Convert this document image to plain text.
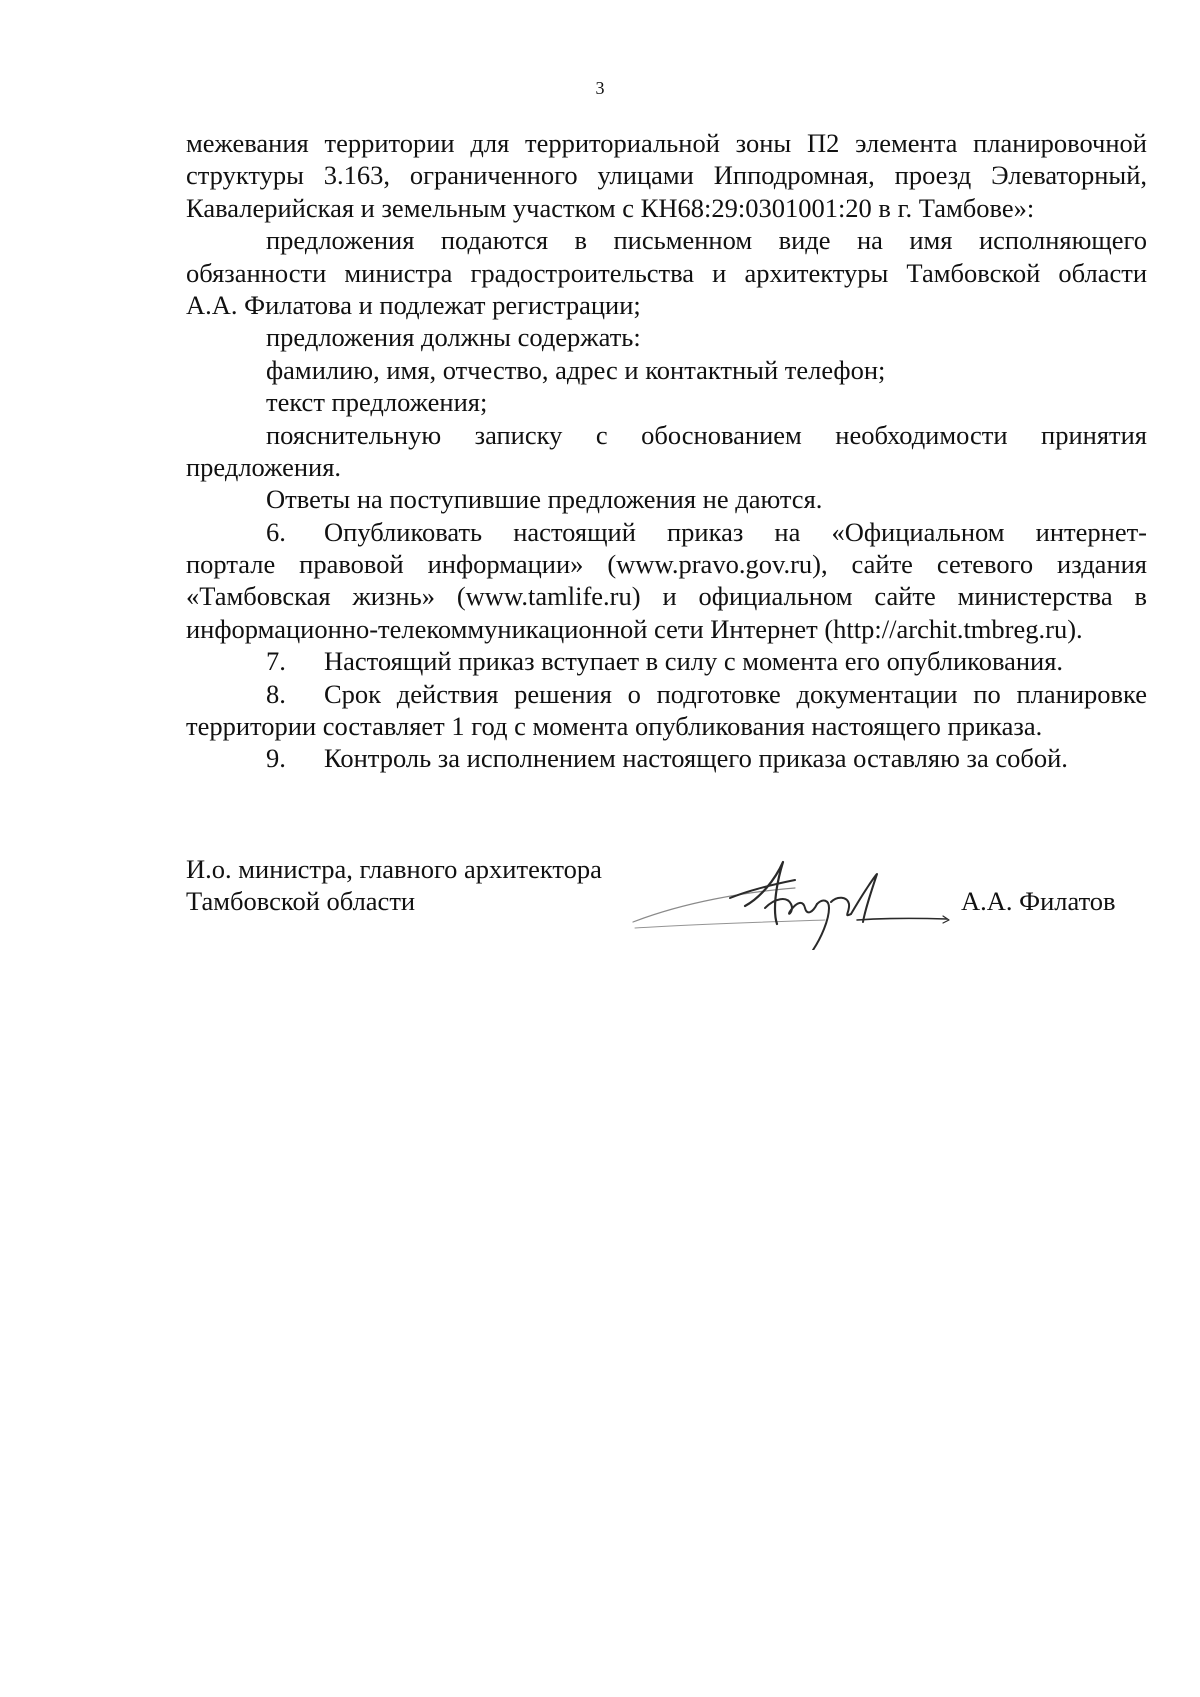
3
межевания территории для территориальной зоны П2 элемента планировочной
структуры 3.163, ограниченного улицами Ипподромная, проезд Элеваторный,
Кавалерийская и земельным участком с КН68:29:0301001:20 в г. Тамбове»:
предложения подаются в письменном виде на имя исполняющего
обязанности министра градостроительства и архитектуры Тамбовской области
А.А. Филатова и подлежат регистрации;
предложения должны содержать:
фамилию, имя, отчество, адрес и контактный телефон;
текст предложения;
пояснительную записку с обоснованием необходимости принятия
предложения.
Ответы на поступившие предложения не даются.
6.	Опубликовать настоящий приказ на «Официальном интернет-
портале правовой информации» (www.pravo.gov.ru), сайте сетевого издания
«Тамбовская жизнь» (www.tamlife.ru) и официальном сайте министерства в
информационно-телекоммуникационной сети Интернет (http://archit.tmbreg.ru).
7.	Настоящий приказ вступает в силу с момента его опубликования.
8.	Срок действия решения о подготовке документации по планировке
территории составляет 1 год с момента опубликования настоящего приказа.
9.	Контроль за исполнением настоящего приказа оставляю за собой.
И.о. министра, главного архитектора
Тамбовской области	А.А. Филатов
